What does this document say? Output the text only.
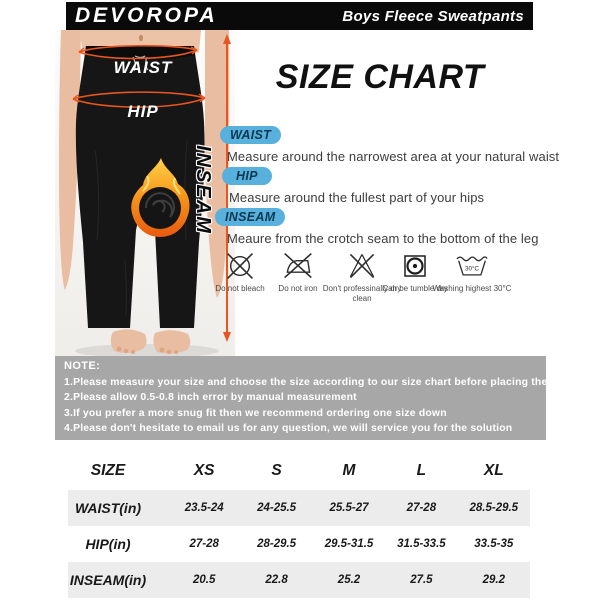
DEVOROPA	Boys Fleece Sweatpants
WAIST
HIP
INSEAM
SIZE CHART
WAIST
Measure around the narrowest area at your natural waist
HIP
Measure around the fullest part of your hips
INSEAM
Meaure from the crotch seam to the bottom of the leg
Do not bleach	Do not iron Don't professinally dry clean
Can be tumble dry
30°C
Washing highest 30°C
NOTE:
1.Please measure your size and choose the size according to our size chart before placing the order
2.Please allow 0.5-0.8 inch error by manual measurement
3.If you prefer a more snug fit then we recommend ordering one size down
4.Please don't hesitate to email us for any question, we will service you for the solution
SIZE	XS	S	M	L	XL
WAIST(in)	23.5-24	24-25.5	25.5-27	27-28	28.5-29.5
HIP(in)	27-28	28-29.5	29.5-31.5	31.5-33.5	33.5-35
INSEAM(in)	20.5	22.8	25.2	27.5	29.2
